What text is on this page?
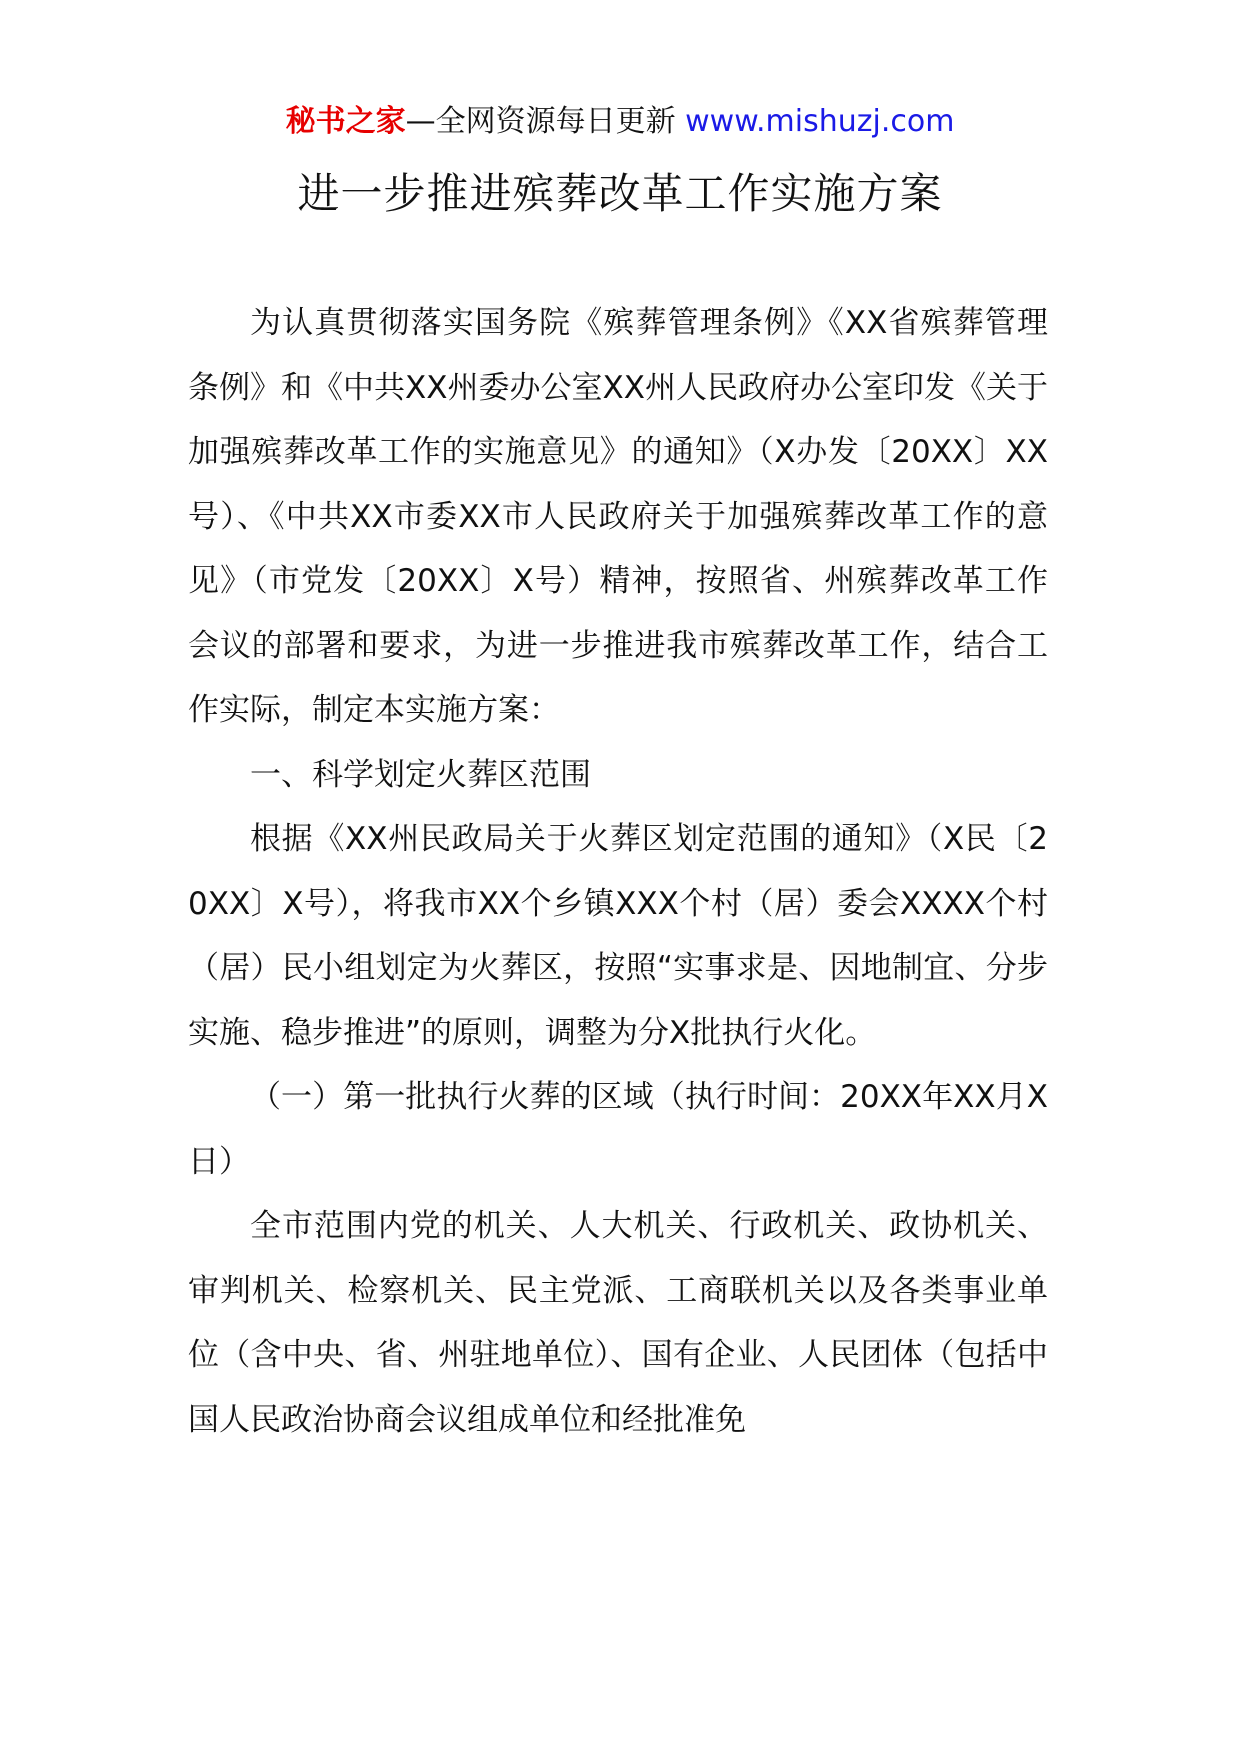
秘书之家—全网资源每日更新 www.mishuzj.com
进一步推进殡葬改革工作实施方案

为认真贯彻落实国务院《殡葬管理条例》《XX省殡葬管理条例》和《中共XX州委办公室XX州人民政府办公室印发《关于加强殡葬改革工作的实施意见》的通知》（X办发〔20XX〕XX号）、《中共XX市委XX市人民政府关于加强殡葬改革工作的意见》（市党发〔20XX〕X号）精神，按照省、州殡葬改革工作会议的部署和要求，为进一步推进我市殡葬改革工作，结合工作实际，制定本实施方案：

一、科学划定火葬区范围

根据《XX州民政局关于火葬区划定范围的通知》（X民〔20XX〕X号），将我市XX个乡镇XXX个村（居）委会XXXX个村（居）民小组划定为火葬区，按照“实事求是、因地制宜、分步实施、稳步推进”的原则，调整为分X批执行火化。

（一）第一批执行火葬的区域（执行时间：20XX年XX月X日）

全市范围内党的机关、人大机关、行政机关、政协机关、审判机关、检察机关、民主党派、工商联机关以及各类事业单位（含中央、省、州驻地单位）、国有企业、人民团体（包括中国人民政治协商会议组成单位和经批准免
